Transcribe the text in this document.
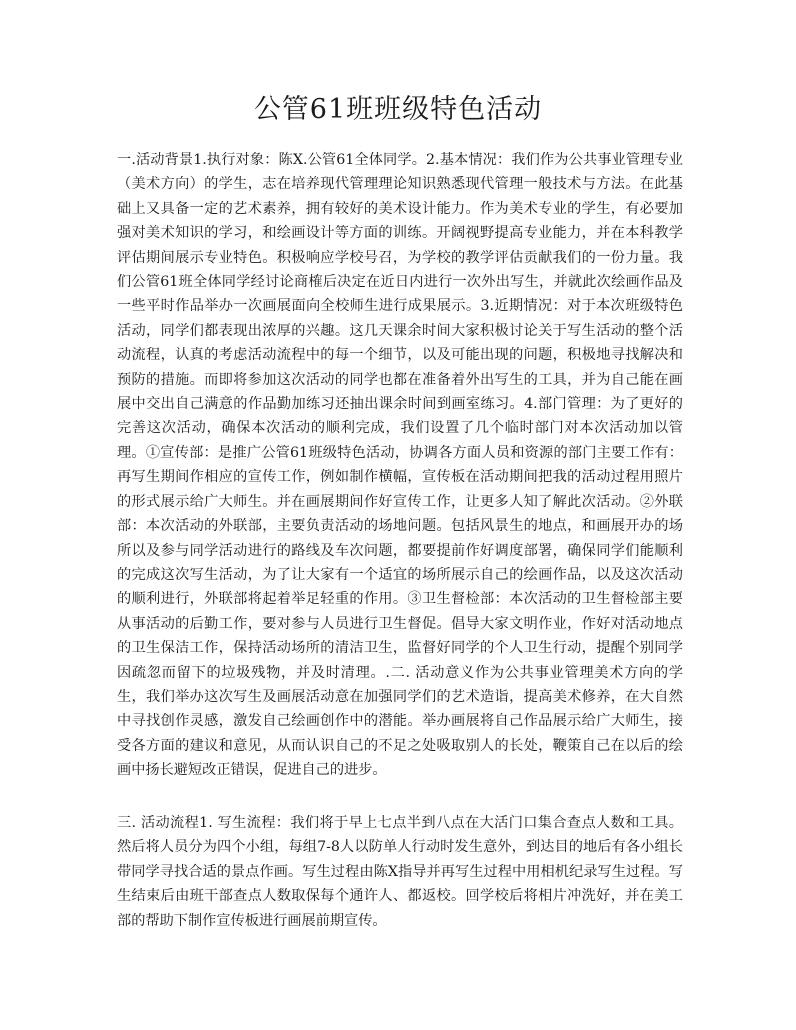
公管61班班级特色活动

一.活动背景1.执行对象：陈X.公管61全体同学。2.基本情况：我们作为公共事业管理专业（美术方向）的学生，志在培养现代管理理论知识熟悉现代管理一般技术与方法。在此基础上又具备一定的艺术素养，拥有较好的美术设计能力。作为美术专业的学生，有必要加强对美术知识的学习，和绘画设计等方面的训练。开阔视野提高专业能力，并在本科教学评估期间展示专业特色。积极响应学校号召，为学校的教学评估贡献我们的一份力量。我们公管61班全体同学经讨论商榷后决定在近日内进行一次外出写生，并就此次绘画作品及一些平时作品举办一次画展面向全校师生进行成果展示。3.近期情况：对于本次班级特色活动，同学们都表现出浓厚的兴趣。这几天课余时间大家积极讨论关于写生活动的整个活动流程，认真的考虑活动流程中的每一个细节，以及可能出现的问题，积极地寻找解决和预防的措施。而即将参加这次活动的同学也都在准备着外出写生的工具，并为自己能在画展中交出自己满意的作品勤加练习还抽出课余时间到画室练习。4.部门管理：为了更好的完善这次活动，确保本次活动的顺利完成，我们设置了几个临时部门对本次活动加以管理。①宣传部：是推广公管61班级特色活动，协调各方面人员和资源的部门主要工作有：再写生期间作相应的宣传工作，例如制作横幅，宣传板在活动期间把我的活动过程用照片的形式展示给广大师生。并在画展期间作好宣传工作，让更多人知了解此次活动。②外联部：本次活动的外联部，主要负责活动的场地问题。包括风景生的地点，和画展开办的场所以及参与同学活动进行的路线及车次问题，都要提前作好调度部署，确保同学们能顺利的完成这次写生活动，为了让大家有一个适宜的场所展示自己的绘画作品，以及这次活动的顺利进行，外联部将起着举足轻重的作用。③卫生督检部：本次活动的卫生督检部主要从事活动的后勤工作，要对参与人员进行卫生督促。倡导大家文明作业，作好对活动地点的卫生保洁工作，保持活动场所的清洁卫生，监督好同学的个人卫生行动，提醒个别同学因疏忽而留下的垃圾残物，并及时清理。.二. 活动意义作为公共事业管理美术方向的学生，我们举办这次写生及画展活动意在加强同学们的艺术造诣，提高美术修养，在大自然中寻找创作灵感，激发自己绘画创作中的潜能。举办画展将自己作品展示给广大师生，接受各方面的建议和意见，从而认识自己的不足之处吸取别人的长处，鞭策自己在以后的绘画中扬长避短改正错误，促进自己的进步。

三. 活动流程1. 写生流程：我们将于早上七点半到八点在大活门口集合查点人数和工具。然后将人员分为四个小组，每组7-8人以防单人行动时发生意外，到达目的地后有各小组长带同学寻找合适的景点作画。写生过程由陈X指导并再写生过程中用相机纪录写生过程。写生结束后由班干部查点人数取保每个通许人、都返校。回学校后将相片冲洗好，并在美工部的帮助下制作宣传板进行画展前期宣传。
